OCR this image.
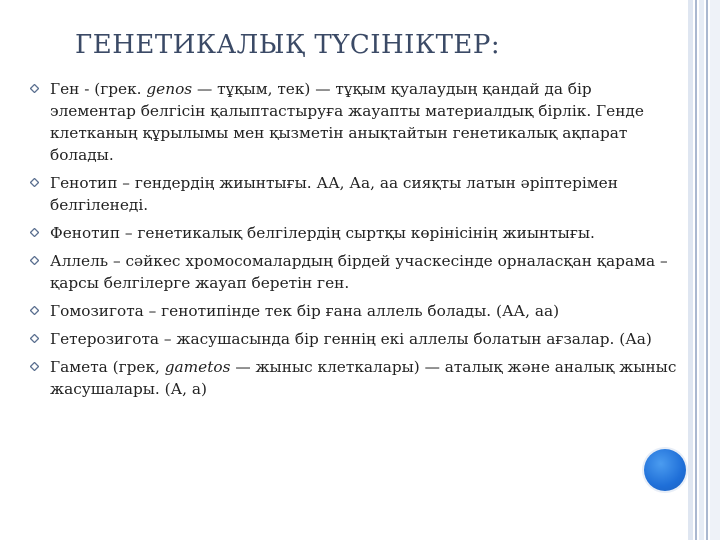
ГЕНЕТИКАЛЫҚ ТҮСІНІКТЕР:
Ген - (грек. genos — тұқым, тек) — тұқым қуалаудың қандай да бір элементар белгісін қалыптастыруға жауапты материалдық бірлік. Генде клетканың құрылымы мен қызметін анықтайтын генетикалық ақпарат болады.
Генотип – гендердің жиынтығы. АА, Аа, аа сияқты латын әріптерімен белгіленеді.
Фенотип – генетикалық белгілердің сыртқы көрінісінің жиынтығы.
Аллель – сәйкес хромосомалардың бірдей учаскесінде орналасқан қарама – қарсы белгілерге жауап беретін ген.
Гомозигота – генотипінде тек бір ғана аллель болады. (АА, аа)
Гетерозигота – жасушасында бір геннің екі аллелы болатын ағзалар. (Аа)
Гамета (грек, gametos — жыныс клеткалары) — аталық және аналық жыныс жасушалары. (А, а)
